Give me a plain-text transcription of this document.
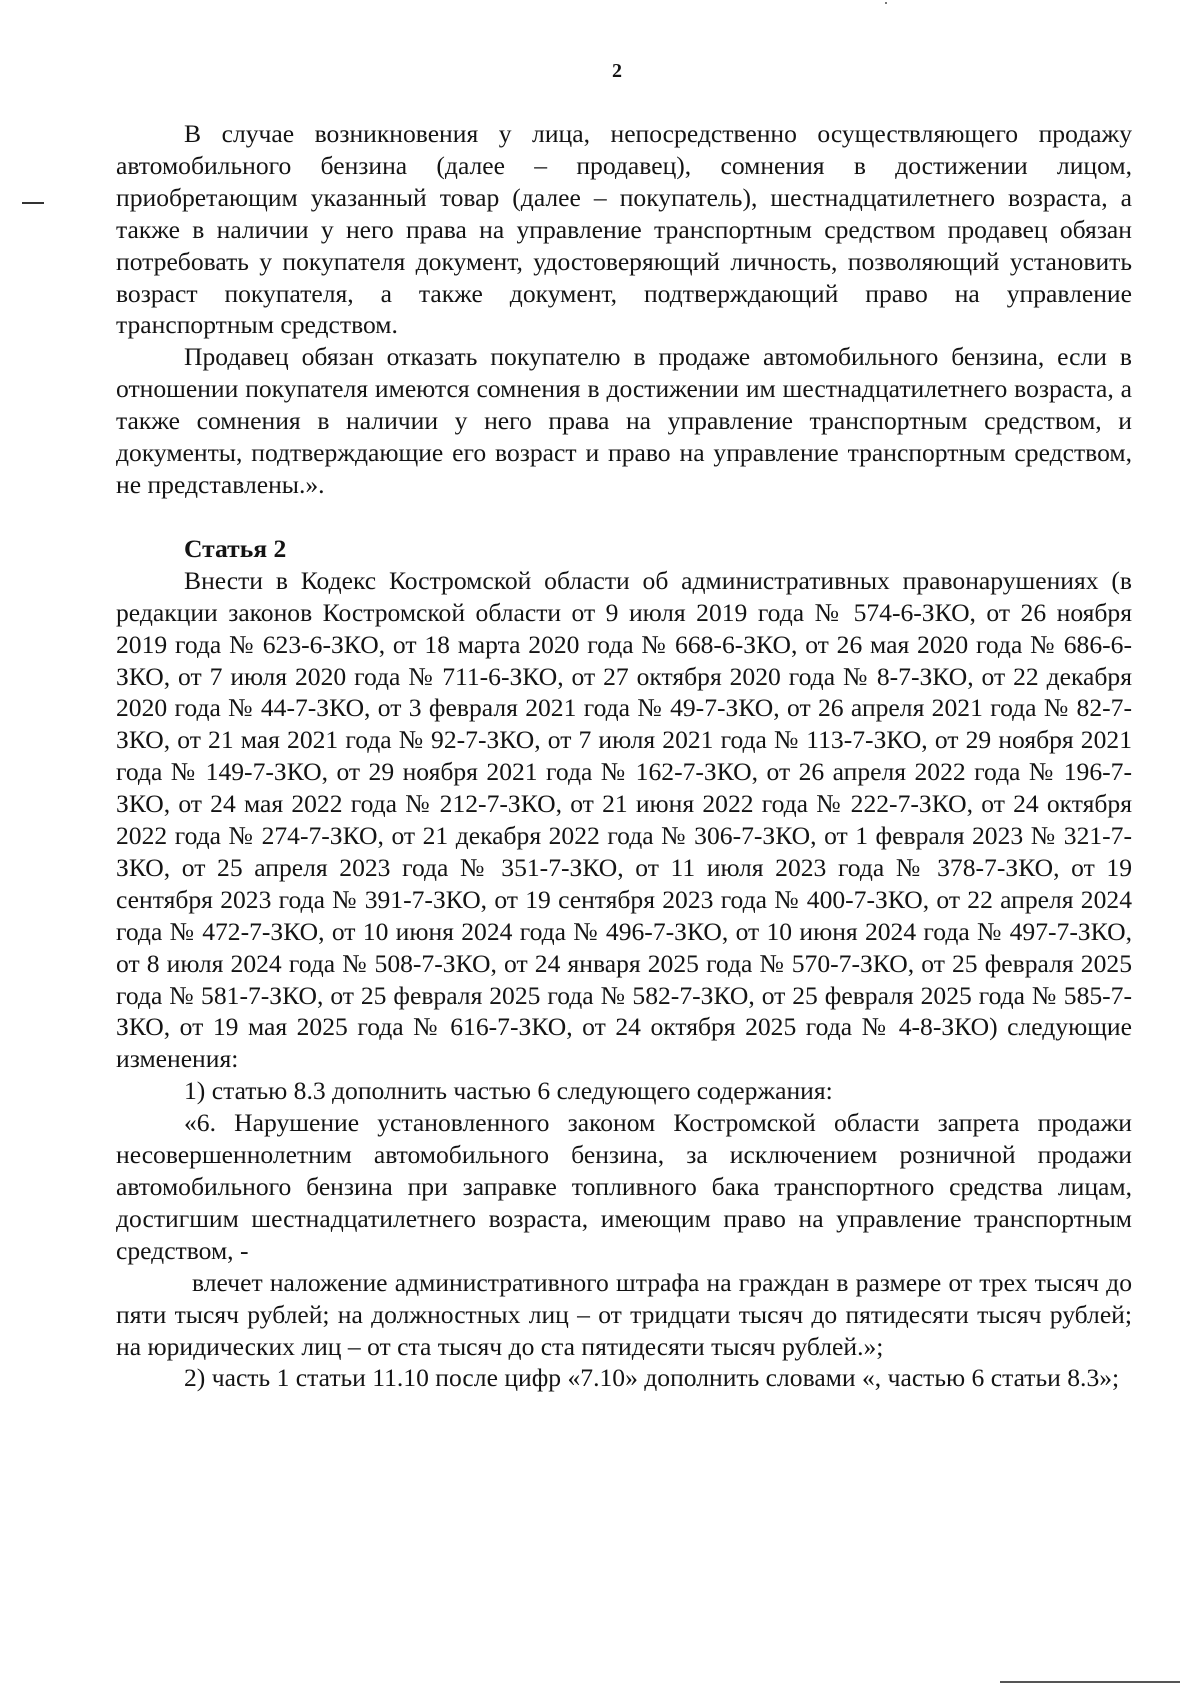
2

В случае возникновения у лица, непосредственно осуществляющего продажу автомобильного бензина (далее – продавец), сомнения в достижении лицом, приобретающим указанный товар (далее – покупатель), шестнадцатилетнего возраста, а также в наличии у него права на управление транспортным средством продавец обязан потребовать у покупателя документ, удостоверяющий личность, позволяющий установить возраст покупателя, а также документ, подтверждающий право на управление транспортным средством.

Продавец обязан отказать покупателю в продаже автомобильного бензина, если в отношении покупателя имеются сомнения в достижении им шестнадцатилетнего возраста, а также сомнения в наличии у него права на управление транспортным средством, и документы, подтверждающие его возраст и право на управление транспортным средством, не представлены.».

Статья 2

Внести в Кодекс Костромской области об административных правонарушениях (в редакции законов Костромской области от 9 июля 2019 года № 574-6-ЗКО, от 26 ноября 2019 года № 623-6-ЗКО, от 18 марта 2020 года № 668-6-ЗКО, от 26 мая 2020 года № 686-6-ЗКО, от 7 июля 2020 года № 711-6-ЗКО, от 27 октября 2020 года № 8-7-ЗКО, от 22 декабря 2020 года № 44-7-ЗКО, от 3 февраля 2021 года № 49-7-ЗКО, от 26 апреля 2021 года № 82-7-ЗКО, от 21 мая 2021 года № 92-7-ЗКО, от 7 июля 2021 года № 113-7-ЗКО, от 29 ноября 2021 года № 149-7-ЗКО, от 29 ноября 2021 года № 162-7-ЗКО, от 26 апреля 2022 года № 196-7-ЗКО, от 24 мая 2022 года № 212-7-ЗКО, от 21 июня 2022 года № 222-7-ЗКО, от 24 октября 2022 года № 274-7-ЗКО, от 21 декабря 2022 года № 306-7-ЗКО, от 1 февраля 2023 № 321-7-ЗКО, от 25 апреля 2023 года № 351-7-ЗКО, от 11 июля 2023 года № 378-7-ЗКО, от 19 сентября 2023 года № 391-7-ЗКО, от 19 сентября 2023 года № 400-7-ЗКО, от 22 апреля 2024 года № 472-7-ЗКО, от 10 июня 2024 года № 496-7-ЗКО, от 10 июня 2024 года № 497-7-ЗКО, от 8 июля 2024 года № 508-7-ЗКО, от 24 января 2025 года № 570-7-ЗКО, от 25 февраля 2025 года № 581-7-ЗКО, от 25 февраля 2025 года № 582-7-ЗКО, от 25 февраля 2025 года № 585-7-ЗКО, от 19 мая 2025 года № 616-7-ЗКО, от 24 октября 2025 года № 4-8-ЗКО) следующие изменения:

1) статью 8.3 дополнить частью 6 следующего содержания:

«6. Нарушение установленного законом Костромской области запрета продажи несовершеннолетним автомобильного бензина, за исключением розничной продажи автомобильного бензина при заправке топливного бака транспортного средства лицам, достигшим шестнадцатилетнего возраста, имеющим право на управление транспортным средством, -

влечет наложение административного штрафа на граждан в размере от трех тысяч до пяти тысяч рублей; на должностных лиц – от тридцати тысяч до пятидесяти тысяч рублей; на юридических лиц – от ста тысяч до ста пятидесяти тысяч рублей.»;

2) часть 1 статьи 11.10 после цифр «7.10» дополнить словами «, частью 6 статьи 8.3»;
